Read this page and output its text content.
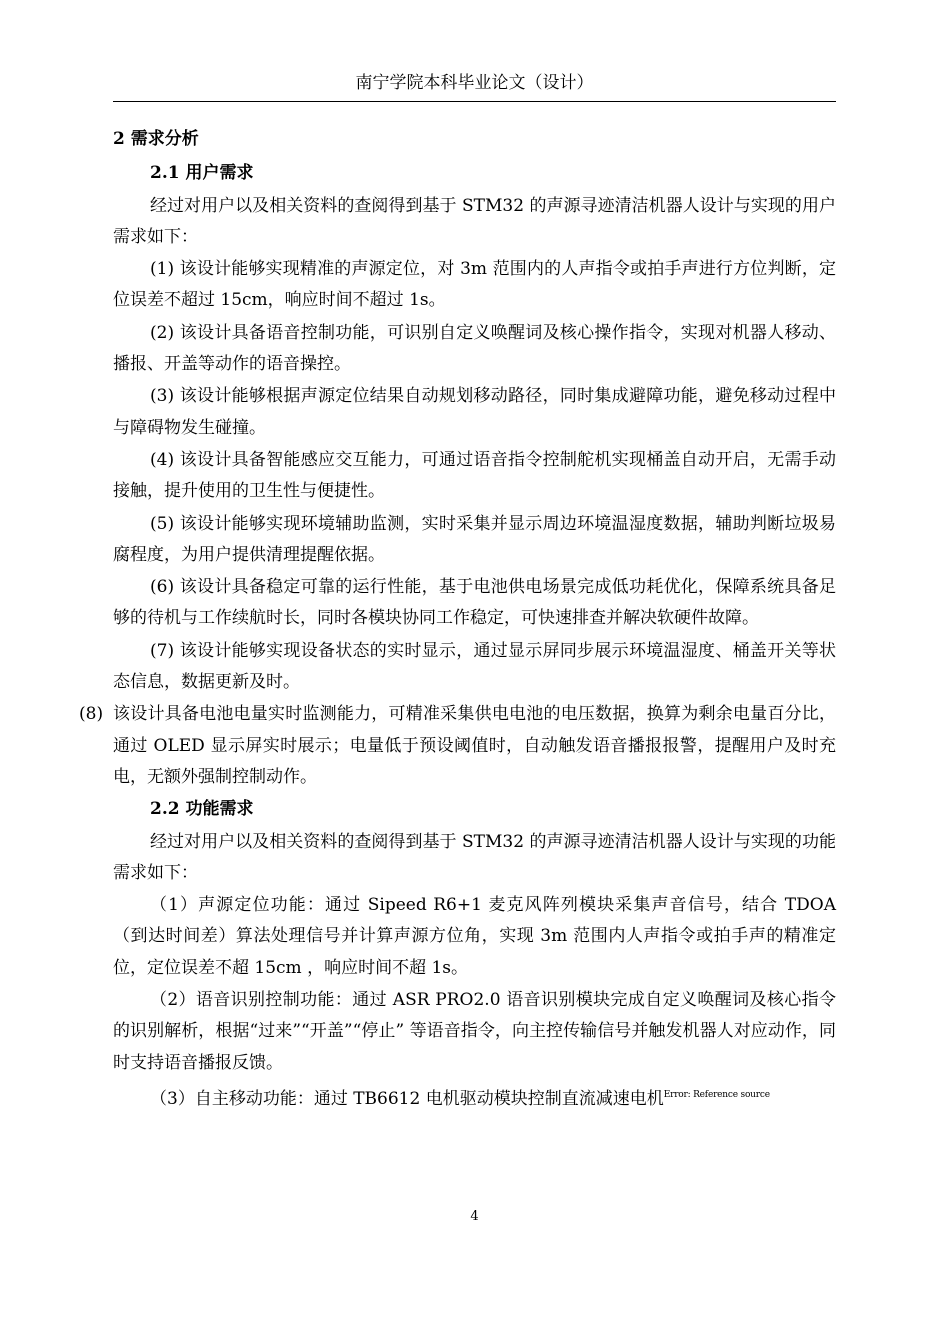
南宁学院本科毕业论文（设计）
2 需求分析
2.1 用户需求
经过对用户以及相关资料的查阅得到基于 STM32 的声源寻迹清洁机器人设计与实现的用户需求如下：
(1) 该设计能够实现精准的声源定位，对 3m 范围内的人声指令或拍手声进行方位判断，定位误差不超过 15cm，响应时间不超过 1s。
(2) 该设计具备语音控制功能，可识别自定义唤醒词及核心操作指令，实现对机器人移动、播报、开盖等动作的语音操控。
(3) 该设计能够根据声源定位结果自动规划移动路径，同时集成避障功能，避免移动过程中与障碍物发生碰撞。
(4) 该设计具备智能感应交互能力，可通过语音指令控制舵机实现桶盖自动开启，无需手动接触，提升使用的卫生性与便捷性。
(5) 该设计能够实现环境辅助监测，实时采集并显示周边环境温湿度数据，辅助判断垃圾易腐程度，为用户提供清理提醒依据。
(6) 该设计具备稳定可靠的运行性能，基于电池供电场景完成低功耗优化，保障系统具备足够的待机与工作续航时长，同时各模块协同工作稳定，可快速排查并解决软硬件故障。
(7) 该设计能够实现设备状态的实时显示，通过显示屏同步展示环境温湿度、桶盖开关等状态信息，数据更新及时。
(8) 该设计具备电池电量实时监测能力，可精准采集供电电池的电压数据，换算为剩余电量百分比，通过 OLED 显示屏实时展示；电量低于预设阈值时，自动触发语音播报报警，提醒用户及时充电，无额外强制控制动作。
2.2 功能需求
经过对用户以及相关资料的查阅得到基于 STM32 的声源寻迹清洁机器人设计与实现的功能需求如下：
（1）声源定位功能：通过 Sipeed R6+1 麦克风阵列模块采集声音信号，结合 TDOA （到达时间差）算法处理信号并计算声源方位角，实现 3m 范围内人声指令或拍手声的精准定位，定位误差不超 15cm ，响应时间不超 1s。
（2）语音识别控制功能：通过 ASR PRO2.0 语音识别模块完成自定义唤醒词及核心指令的识别解析，根据“过来”“开盖”“停止” 等语音指令，向主控传输信号并触发机器人对应动作，同时支持语音播报反馈。
（3）自主移动功能：通过 TB6612 电机驱动模块控制直流减速电机$^{Error: Reference source}$
4
